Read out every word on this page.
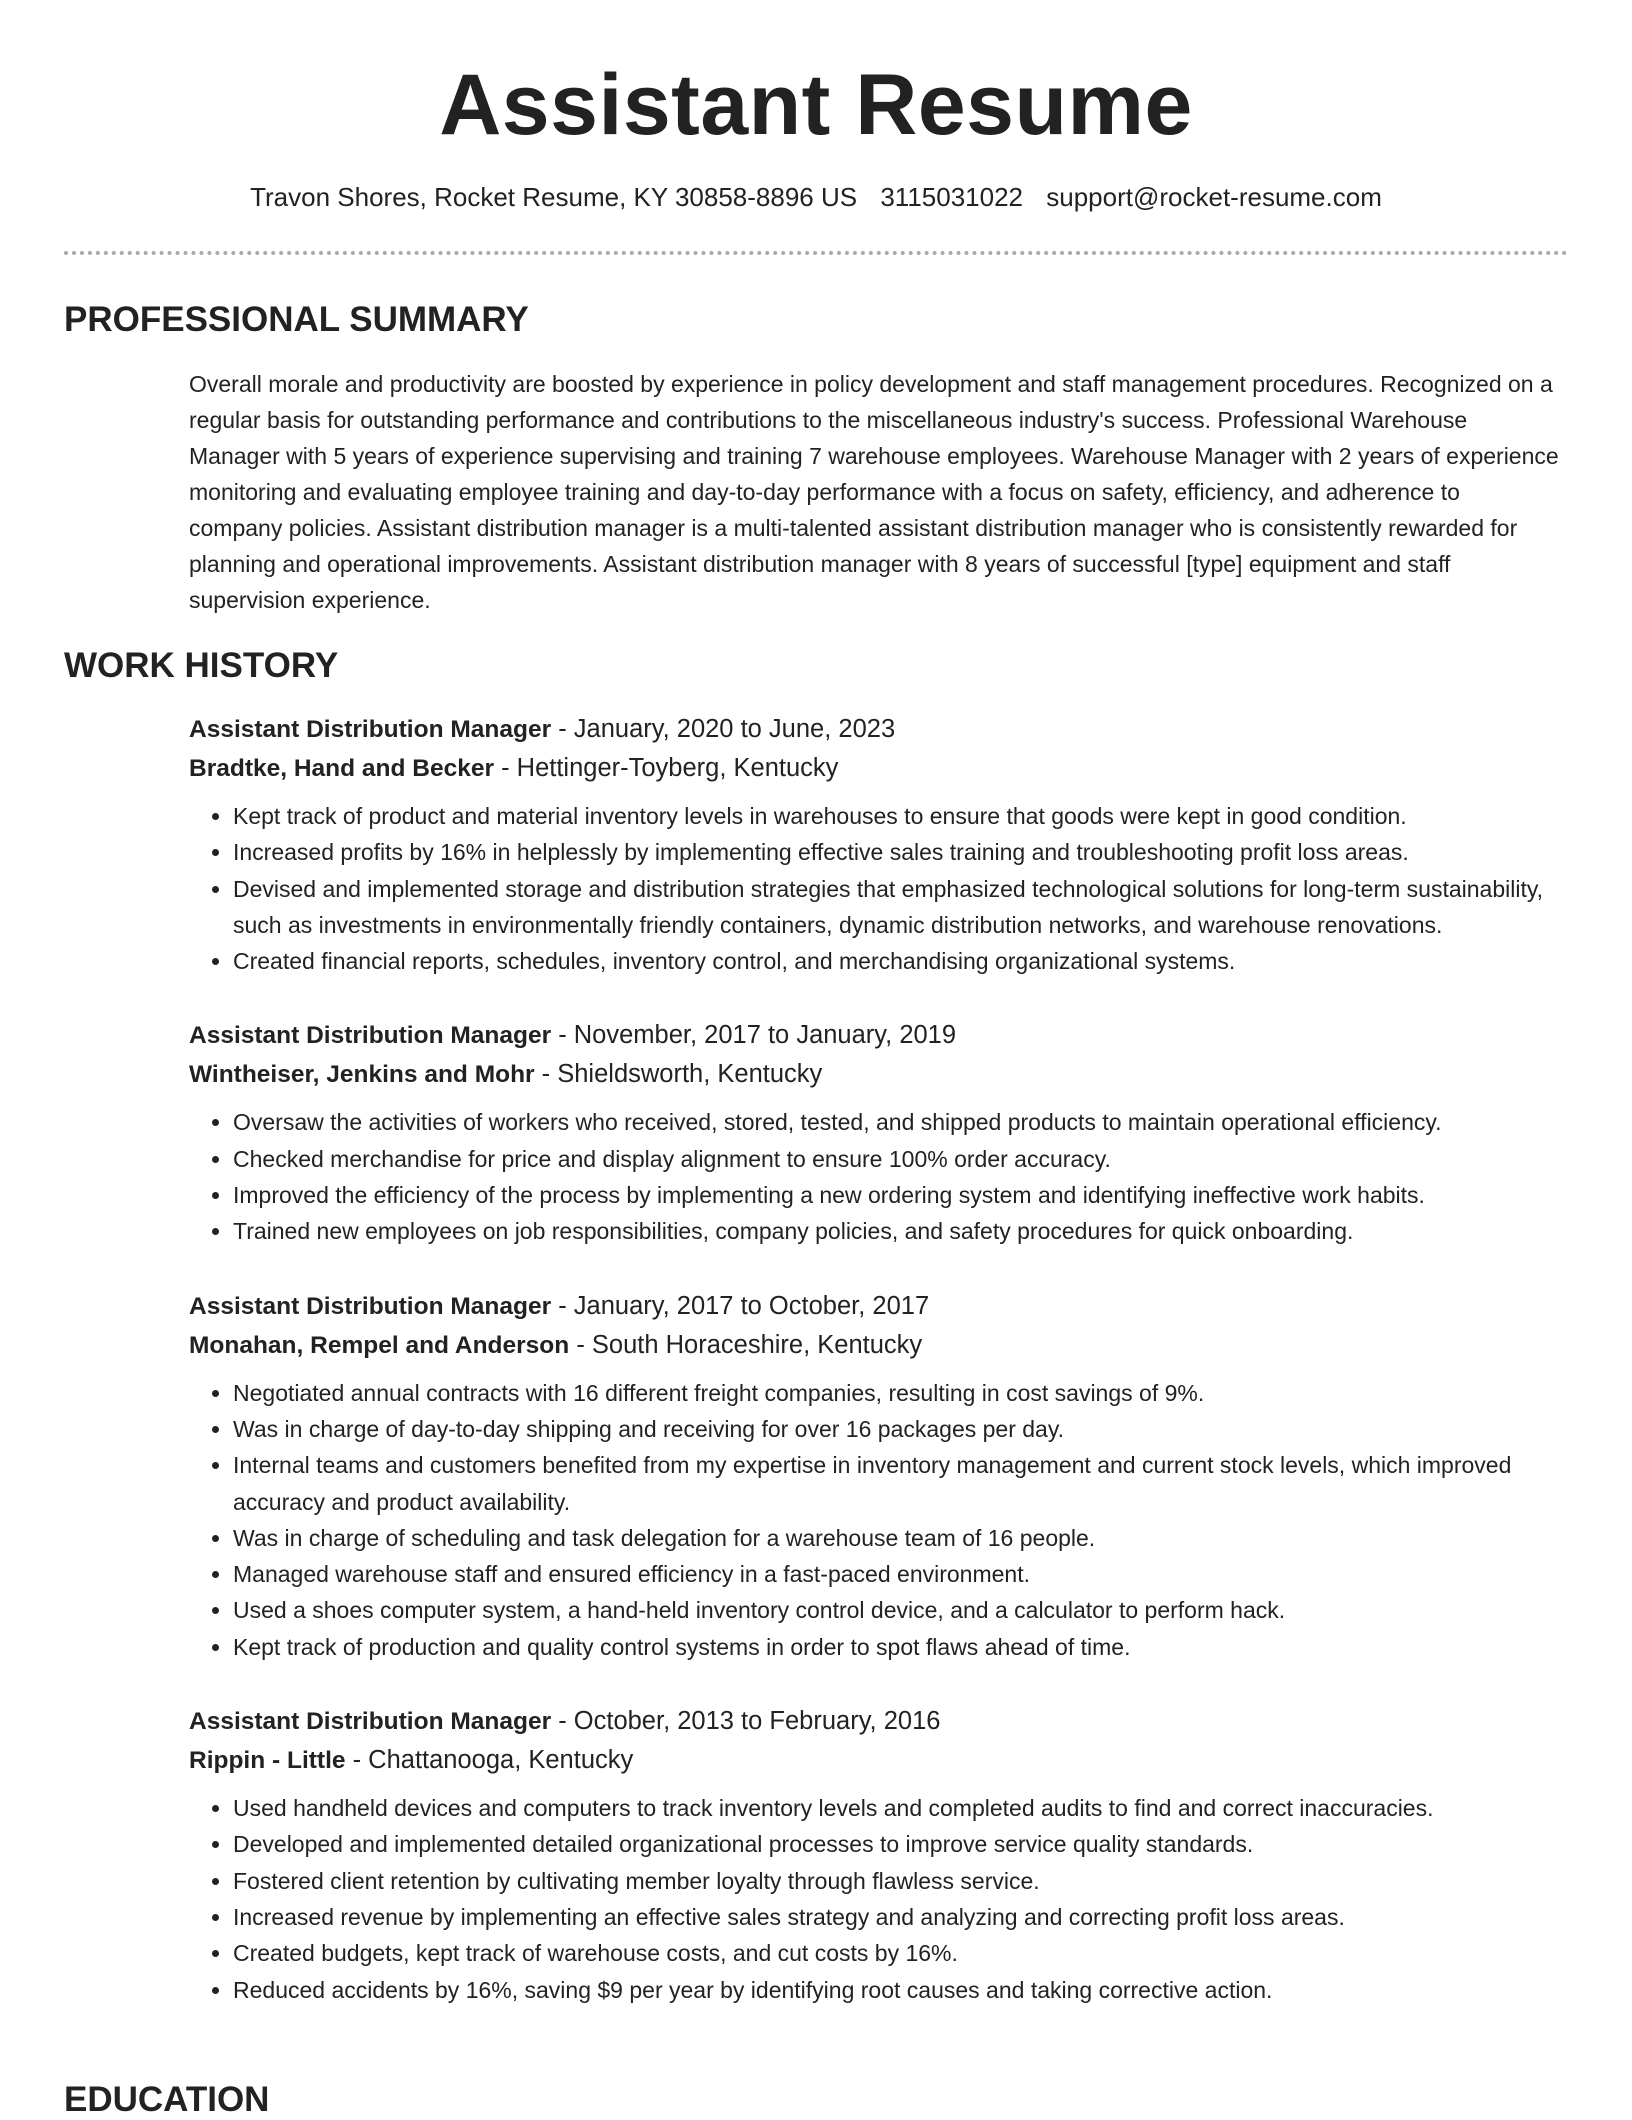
Assistant Resume
Travon Shores, Rocket Resume, KY 30858-8896 US 3115031022 support@rocket-resume.com
PROFESSIONAL SUMMARY

Overall morale and productivity are boosted by experience in policy development and staff management procedures. Recognized on a regular basis for outstanding performance and contributions to the miscellaneous industry's success. Professional Warehouse Manager with 5 years of experience supervising and training 7 warehouse employees. Warehouse Manager with 2 years of experience monitoring and evaluating employee training and day-to-day performance with a focus on safety, efficiency, and adherence to company policies. Assistant distribution manager is a multi-talented assistant distribution manager who is consistently rewarded for planning and operational improvements. Assistant distribution manager with 8 years of successful [type] equipment and staff supervision experience.

WORK HISTORY
Assistant Distribution Manager - January, 2020 to June, 2023
Bradtke, Hand and Becker - Hettinger-Toyberg, Kentucky
• Kept track of product and material inventory levels in warehouses to ensure that goods were kept in good condition.
• Increased profits by 16% in helplessly by implementing effective sales training and troubleshooting profit loss areas.
• Devised and implemented storage and distribution strategies that emphasized technological solutions for long-term sustainability, such as investments in environmentally friendly containers, dynamic distribution networks, and warehouse renovations.
• Created financial reports, schedules, inventory control, and merchandising organizational systems.
Assistant Distribution Manager - November, 2017 to January, 2019
Wintheiser, Jenkins and Mohr - Shieldsworth, Kentucky
• Oversaw the activities of workers who received, stored, tested, and shipped products to maintain operational efficiency.
• Checked merchandise for price and display alignment to ensure 100% order accuracy.
• Improved the efficiency of the process by implementing a new ordering system and identifying ineffective work habits.
• Trained new employees on job responsibilities, company policies, and safety procedures for quick onboarding.
Assistant Distribution Manager - January, 2017 to October, 2017
Monahan, Rempel and Anderson - South Horaceshire, Kentucky
• Negotiated annual contracts with 16 different freight companies, resulting in cost savings of 9%.
• Was in charge of day-to-day shipping and receiving for over 16 packages per day.
• Internal teams and customers benefited from my expertise in inventory management and current stock levels, which improved accuracy and product availability.
• Was in charge of scheduling and task delegation for a warehouse team of 16 people.
• Managed warehouse staff and ensured efficiency in a fast-paced environment.
• Used a shoes computer system, a hand-held inventory control device, and a calculator to perform hack.
• Kept track of production and quality control systems in order to spot flaws ahead of time.
Assistant Distribution Manager - October, 2013 to February, 2016
Rippin - Little - Chattanooga, Kentucky
• Used handheld devices and computers to track inventory levels and completed audits to find and correct inaccuracies.
• Developed and implemented detailed organizational processes to improve service quality standards.
• Fostered client retention by cultivating member loyalty through flawless service.
• Increased revenue by implementing an effective sales strategy and analyzing and correcting profit loss areas.
• Created budgets, kept track of warehouse costs, and cut costs by 16%.
• Reduced accidents by 16%, saving $9 per year by identifying root causes and taking corrective action.
EDUCATION
